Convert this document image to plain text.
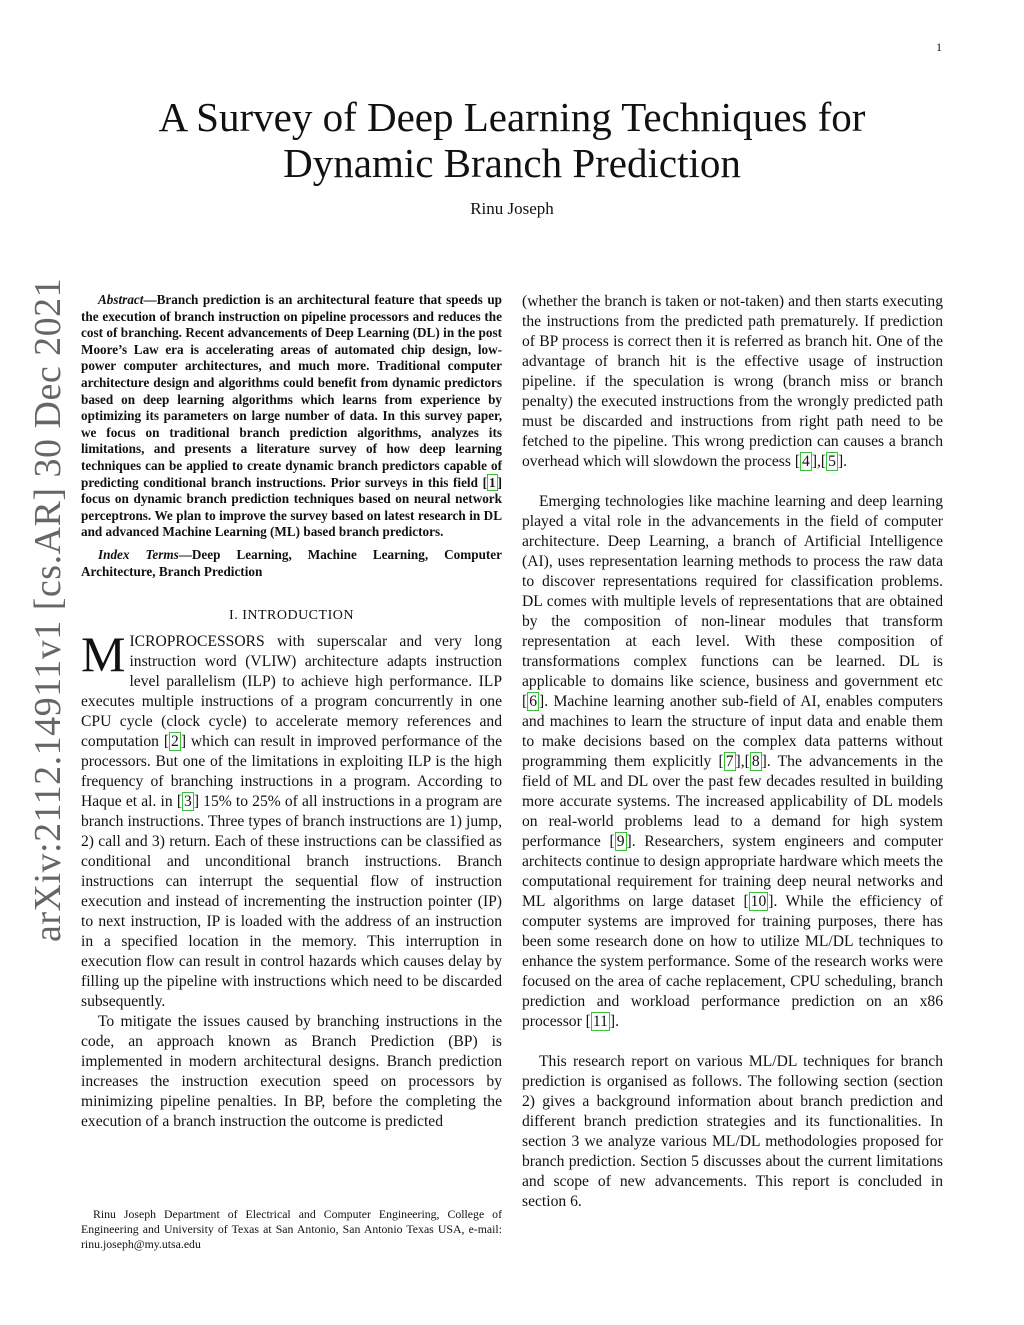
1
arXiv:2112.14911v1 [cs.AR] 30 Dec 2021
A Survey of Deep Learning Techniques for
Dynamic Branch Prediction
Rinu Joseph

Abstract—Branch prediction is an architectural feature that speeds up the execution of branch instruction on pipeline processors and reduces the cost of branching. Recent advancements of Deep Learning (DL) in the post Moore’s Law era is accelerating areas of automated chip design, low-power computer architectures, and much more. Traditional computer architecture design and algorithms could benefit from dynamic predictors based on deep learning algorithms which learns from experience by optimizing its parameters on large number of data. In this survey paper, we focus on traditional branch prediction algorithms, analyzes its limitations, and presents a literature survey of how deep learning techniques can be applied to create dynamic branch predictors capable of predicting conditional branch instructions. Prior surveys in this field [ 1 ] focus on dynamic branch prediction techniques based on neural network perceptrons. We plan to improve the survey based on latest research in DL and advanced Machine Learning (ML) based branch predictors.

Index Terms—Deep Learning, Machine Learning, Computer Architecture, Branch Prediction

I. INTRODUCTION

MICROPROCESSORS with superscalar and very long instruction word (VLIW) architecture adapts instruction level parallelism (ILP) to achieve high performance. ILP executes multiple instructions of a program concurrently in one CPU cycle (clock cycle) to accelerate memory references and computation [ 2 ] which can result in improved performance of the processors. But one of the limitations in exploiting ILP is the high frequency of branching instructions in a program. According to Haque et al. in [ 3 ] 15% to 25% of all instructions in a program are branch instructions. Three types of branch instructions are 1) jump, 2) call and 3) return. Each of these instructions can be classified as conditional and unconditional branch instructions. Branch instructions can interrupt the sequential flow of instruction execution and instead of incrementing the instruction pointer (IP) to next instruction, IP is loaded with the address of an instruction in a specified location in the memory. This interruption in execution flow can result in control hazards which causes delay by filling up the pipeline with instructions which need to be discarded subsequently.

To mitigate the issues caused by branching instructions in the code, an approach known as Branch Prediction (BP) is implemented in modern architectural designs. Branch prediction increases the instruction execution speed on processors by minimizing pipeline penalties. In BP, before the completing the execution of a branch instruction the outcome is predicted

Rinu Joseph Department of Electrical and Computer Engineering, College of Engineering and University of Texas at San Antonio, San Antonio Texas USA, e-mail: rinu.joseph@my.utsa.edu

(whether the branch is taken or not-taken) and then starts executing the instructions from the predicted path prematurely. If prediction of BP process is correct then it is referred as branch hit. One of the advantage of branch hit is the effective usage of instruction pipeline. if the speculation is wrong (branch miss or branch penalty) the executed instructions from the wrongly predicted path must be discarded and instructions from right path need to be fetched to the pipeline. This wrong prediction can causes a branch overhead which will slowdown the process [ 4 ],[ 5 ].

Emerging technologies like machine learning and deep learning played a vital role in the advancements in the field of computer architecture. Deep Learning, a branch of Artificial Intelligence (AI), uses representation learning methods to process the raw data to discover representations required for classification problems. DL comes with multiple levels of representations that are obtained by the composition of non-linear modules that transform representation at each level. With these composition of transformations complex functions can be learned. DL is applicable to domains like science, business and government etc [ 6 ]. Machine learning another sub-field of AI, enables computers and machines to learn the structure of input data and enable them to make decisions based on the complex data patterns without programming them explicitly [ 7 ],[ 8 ]. The advancements in the field of ML and DL over the past few decades resulted in building more accurate systems. The increased applicability of DL models on real-world problems lead to a demand for high system performance [ 9 ]. Researchers, system engineers and computer architects continue to design appropriate hardware which meets the computational requirement for training deep neural networks and ML algorithms on large dataset [ 10 ]. While the efficiency of computer systems are improved for training purposes, there has been some research done on how to utilize ML/DL techniques to enhance the system performance. Some of the research works were focused on the area of cache replacement, CPU scheduling, branch prediction and workload performance prediction on an x86 processor [ 11 ].

This research report on various ML/DL techniques for branch prediction is organised as follows. The following section (section 2) gives a background information about branch prediction and different branch prediction strategies and its functionalities. In section 3 we analyze various ML/DL methodologies proposed for branch prediction. Section 5 discusses about the current limitations and scope of new advancements. This report is concluded in section 6.
